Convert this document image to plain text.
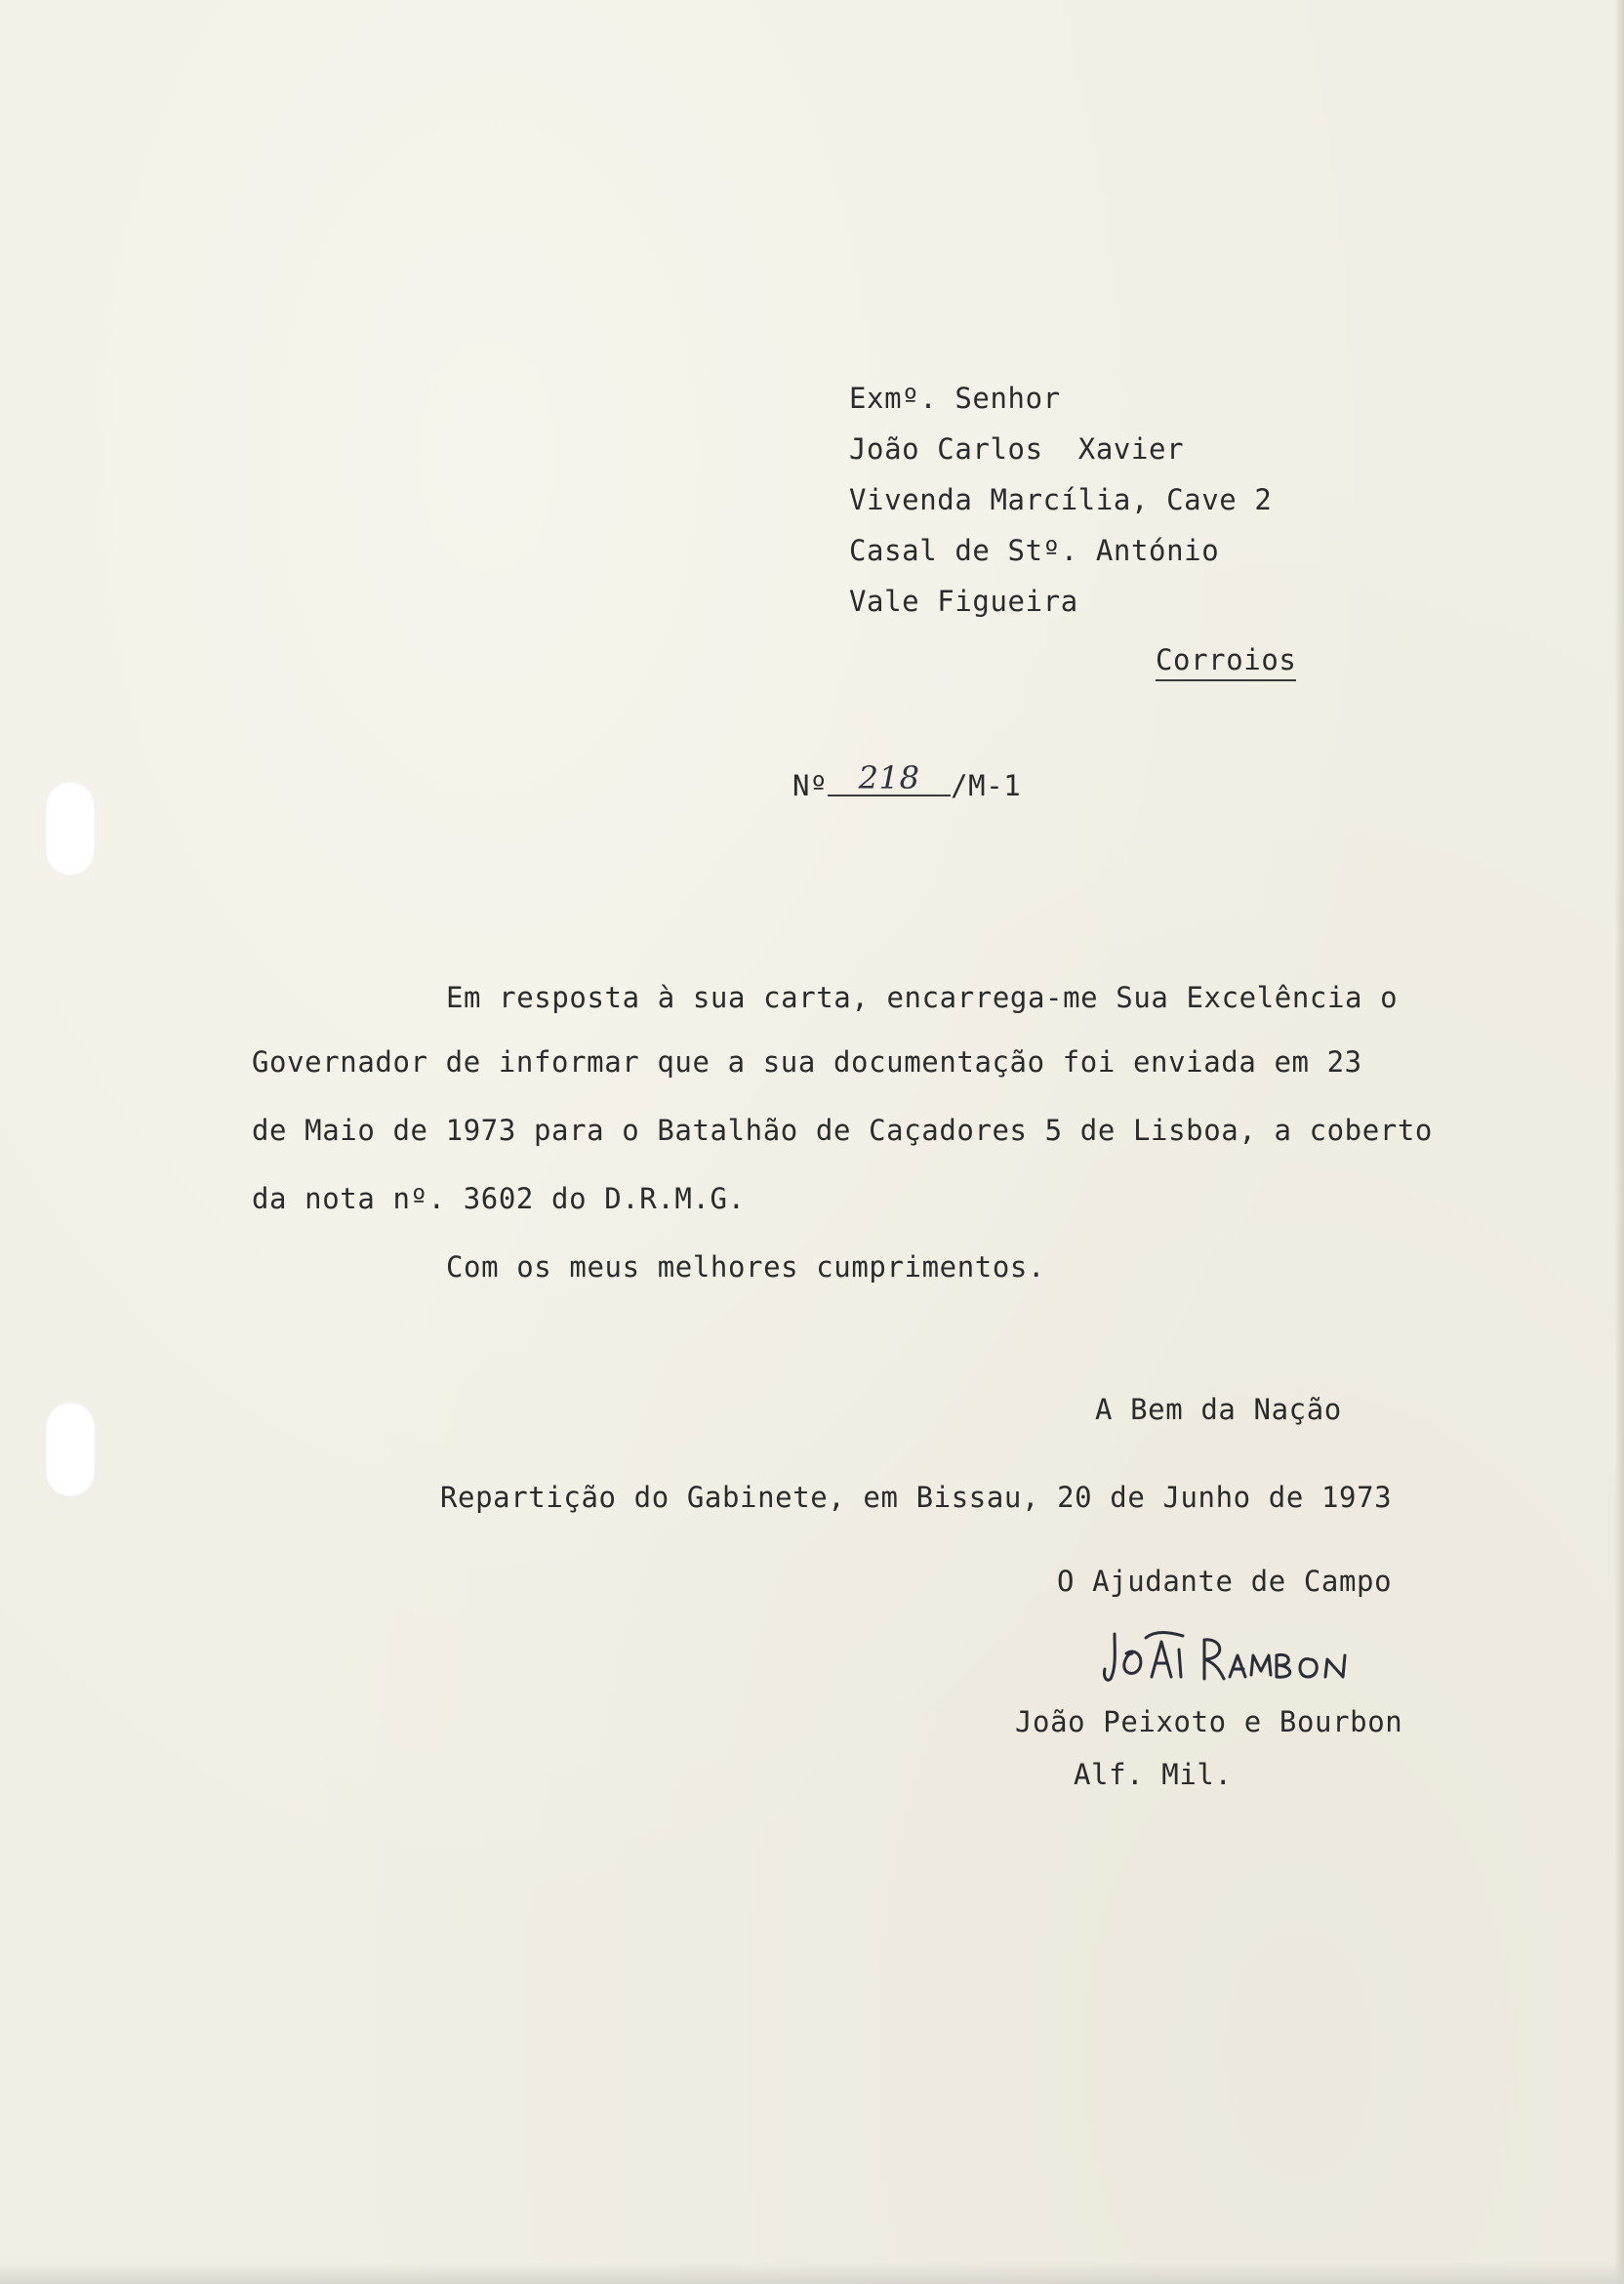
Exmº. Senhor

João Carlos  Xavier

Vivenda Marcília, Cave 2

Casal de Stº. António

Vale Figueira

Corroios

Nº 218	/M-1

Em resposta à sua carta, encarrega-me Sua Excelência o

Governador de informar que a sua documentação foi enviada em 23

de Maio de 1973 para o Batalhão de Caçadores 5 de Lisboa, a coberto

da nota nº. 3602 do D.R.M.G.

Com os meus melhores cumprimentos.

A Bem da Nação

Repartição do Gabinete, em Bissau, 20 de Junho de 1973

O Ajudante de Campo

João Peixoto e Bourbon

Alf. Mil.
